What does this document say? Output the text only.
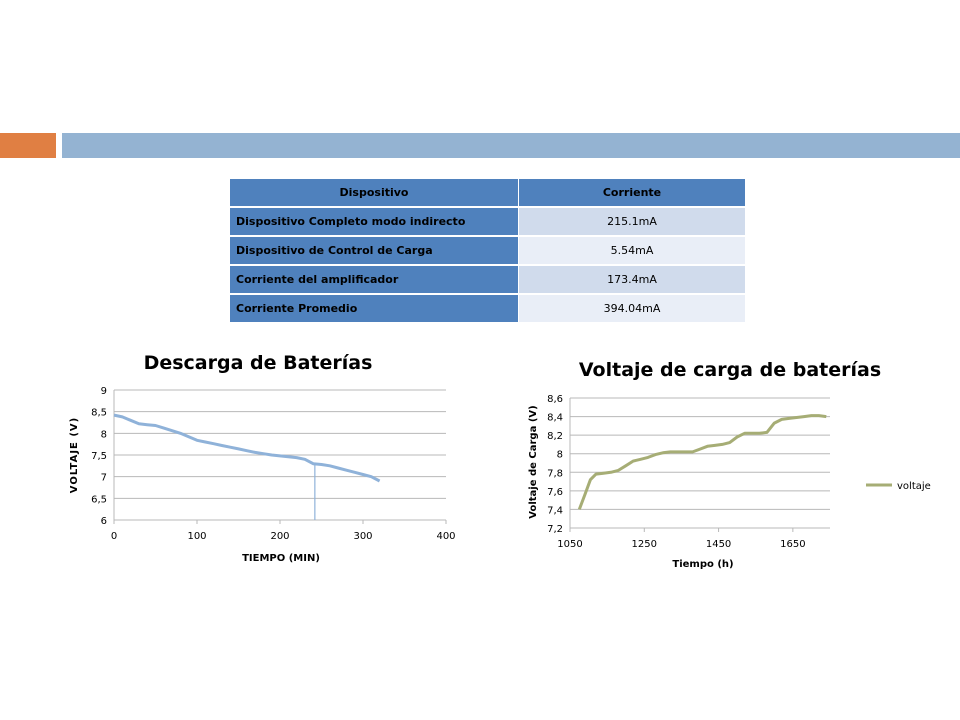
Dispositivo	Corriente
Dispositivo Completo modo indirecto	215.1mA
Dispositivo de Control de Carga	5.54mA
Corriente del amplificador	173.4mA
Corriente Promedio	394.04mA
Descarga de Baterías
6
6,5
7
7,5
8
8,5
9
0	100	200	300	400
TIEMPO (MIN)
VOLTAJE (V)
Voltaje de carga de baterías
7,2
7,4
7,6
7,8
8
8,2
8,4
8,6
1050	1250	1450	1650
Tiempo (h)
Voltaje de Carga (V)	voltaje
